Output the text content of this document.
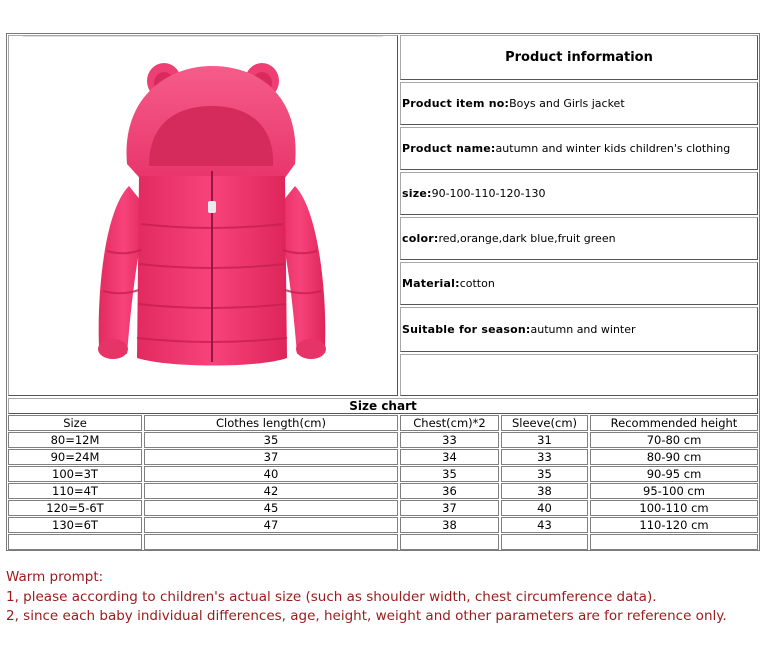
Product information
Product item no: Boys and Girls jacket
Product name: autumn and winter kids children's clothing
size: 90-100-110-120-130
color: red,orange,dark blue,fruit green
Material: cotton
Suitable for season: autumn and winter
Size chart
Size	Clothes length(cm)	Chest(cm)*2	Sleeve(cm)	Recommended height
80=12M	35	33	31	70-80 cm
90=24M	37	34	33	80-90 cm
100=3T	40	35	35	90-95 cm
110=4T	42	36	38	95-100 cm
120=5-6T	45	37	40	100-110 cm
130=6T	47	38	43	110-120 cm
Warm prompt:
1, please according to children's actual size (such as shoulder width, chest circumference data).
2, since each baby individual differences, age, height, weight and other parameters are for reference only.
